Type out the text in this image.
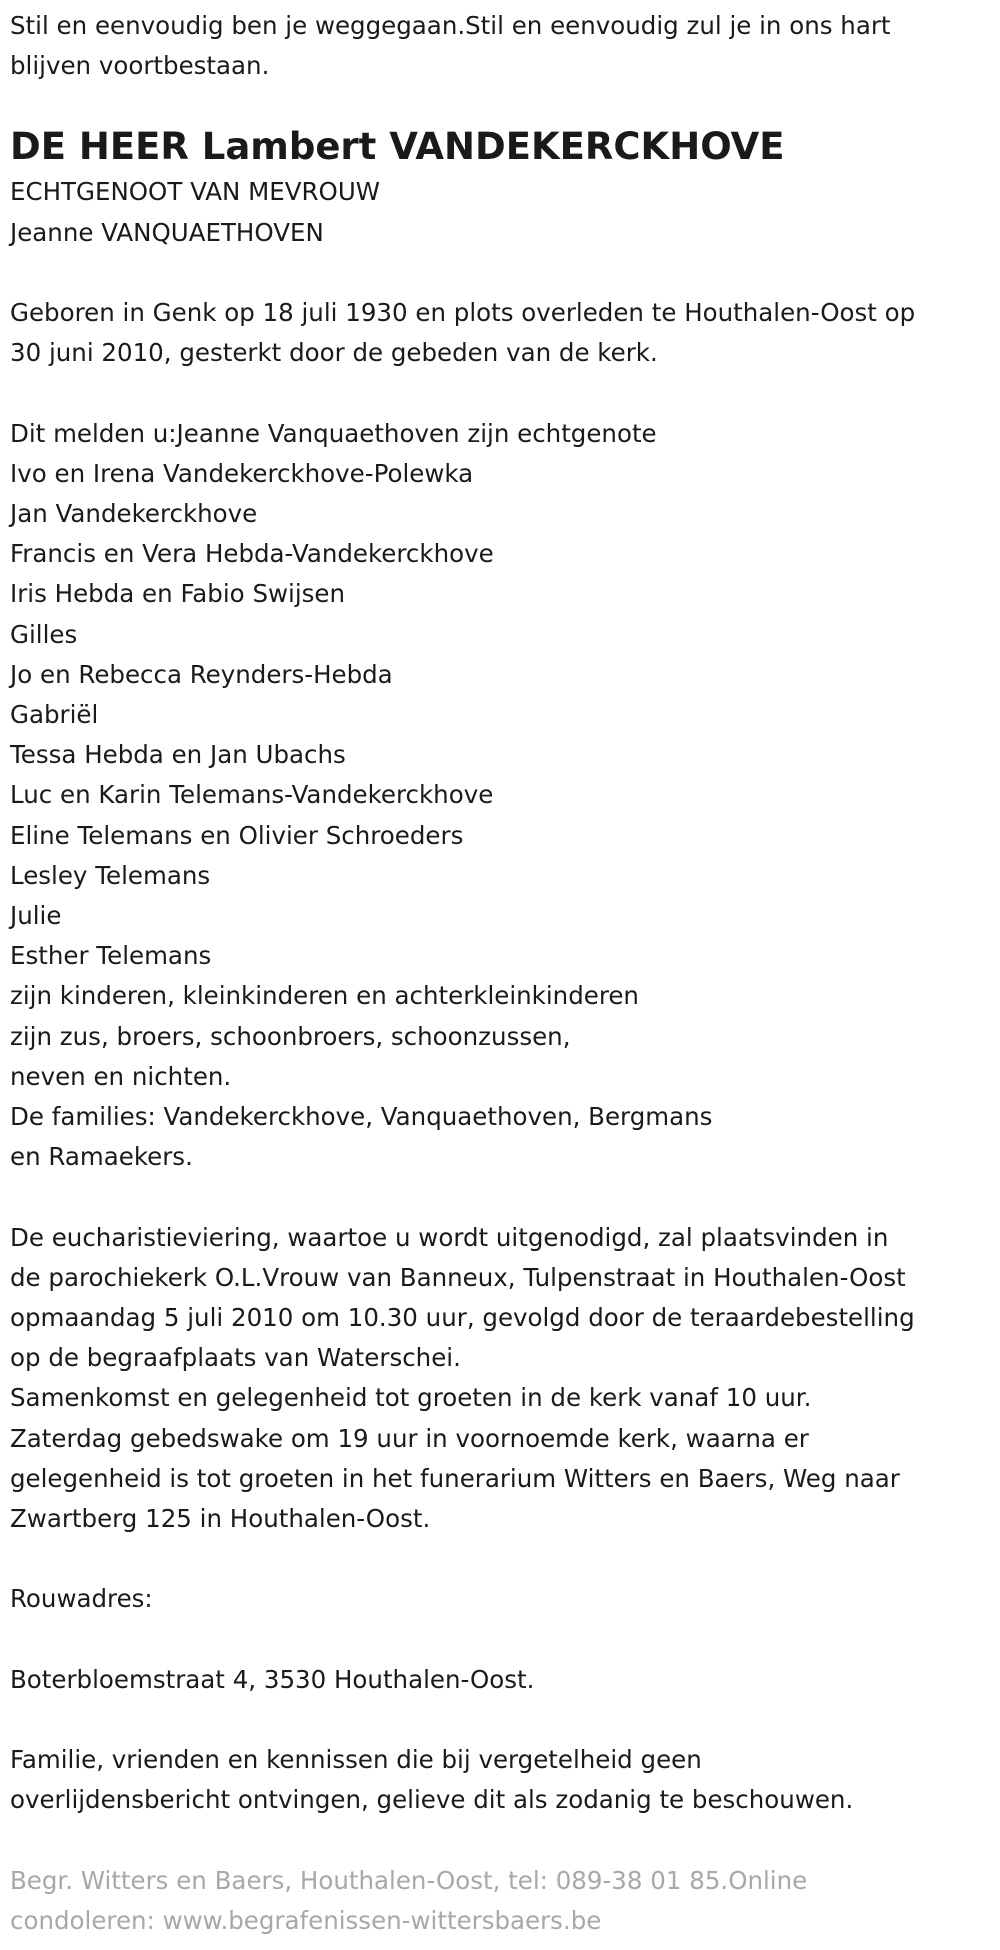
Stil en eenvoudig ben je weggegaan.Stil en eenvoudig zul je in ons hart
blijven voortbestaan.
DE HEER Lambert VANDEKERCKHOVE
ECHTGENOOT VAN MEVROUW
Jeanne VANQUAETHOVEN
Geboren in Genk op 18 juli 1930 en plots overleden te Houthalen-Oost op
30 juni 2010, gesterkt door de gebeden van de kerk.
Dit melden u:Jeanne Vanquaethoven zijn echtgenote
Ivo en Irena Vandekerckhove-Polewka
Jan Vandekerckhove
Francis en Vera Hebda-Vandekerckhove
Iris Hebda en Fabio Swijsen
Gilles
Jo en Rebecca Reynders-Hebda
Gabriël
Tessa Hebda en Jan Ubachs
Luc en Karin Telemans-Vandekerckhove
Eline Telemans en Olivier Schroeders
Lesley Telemans
Julie
Esther Telemans
zijn kinderen, kleinkinderen en achterkleinkinderen
zijn zus, broers, schoonbroers, schoonzussen,
neven en nichten.
De families: Vandekerckhove, Vanquaethoven, Bergmans
en Ramaekers.
De eucharistieviering, waartoe u wordt uitgenodigd, zal plaatsvinden in
de parochiekerk O.L.Vrouw van Banneux, Tulpenstraat in Houthalen-Oost
opmaandag 5 juli 2010 om 10.30 uur, gevolgd door de teraardebestelling
op de begraafplaats van Waterschei.
Samenkomst en gelegenheid tot groeten in de kerk vanaf 10 uur.
Zaterdag gebedswake om 19 uur in voornoemde kerk, waarna er
gelegenheid is tot groeten in het funerarium Witters en Baers, Weg naar
Zwartberg 125 in Houthalen-Oost.
Rouwadres:
Boterbloemstraat 4, 3530 Houthalen-Oost.
Familie, vrienden en kennissen die bij vergetelheid geen
overlijdensbericht ontvingen, gelieve dit als zodanig te beschouwen.
Begr. Witters en Baers, Houthalen-Oost, tel: 089-38 01 85.Online
condoleren: www.begrafenissen-wittersbaers.be
